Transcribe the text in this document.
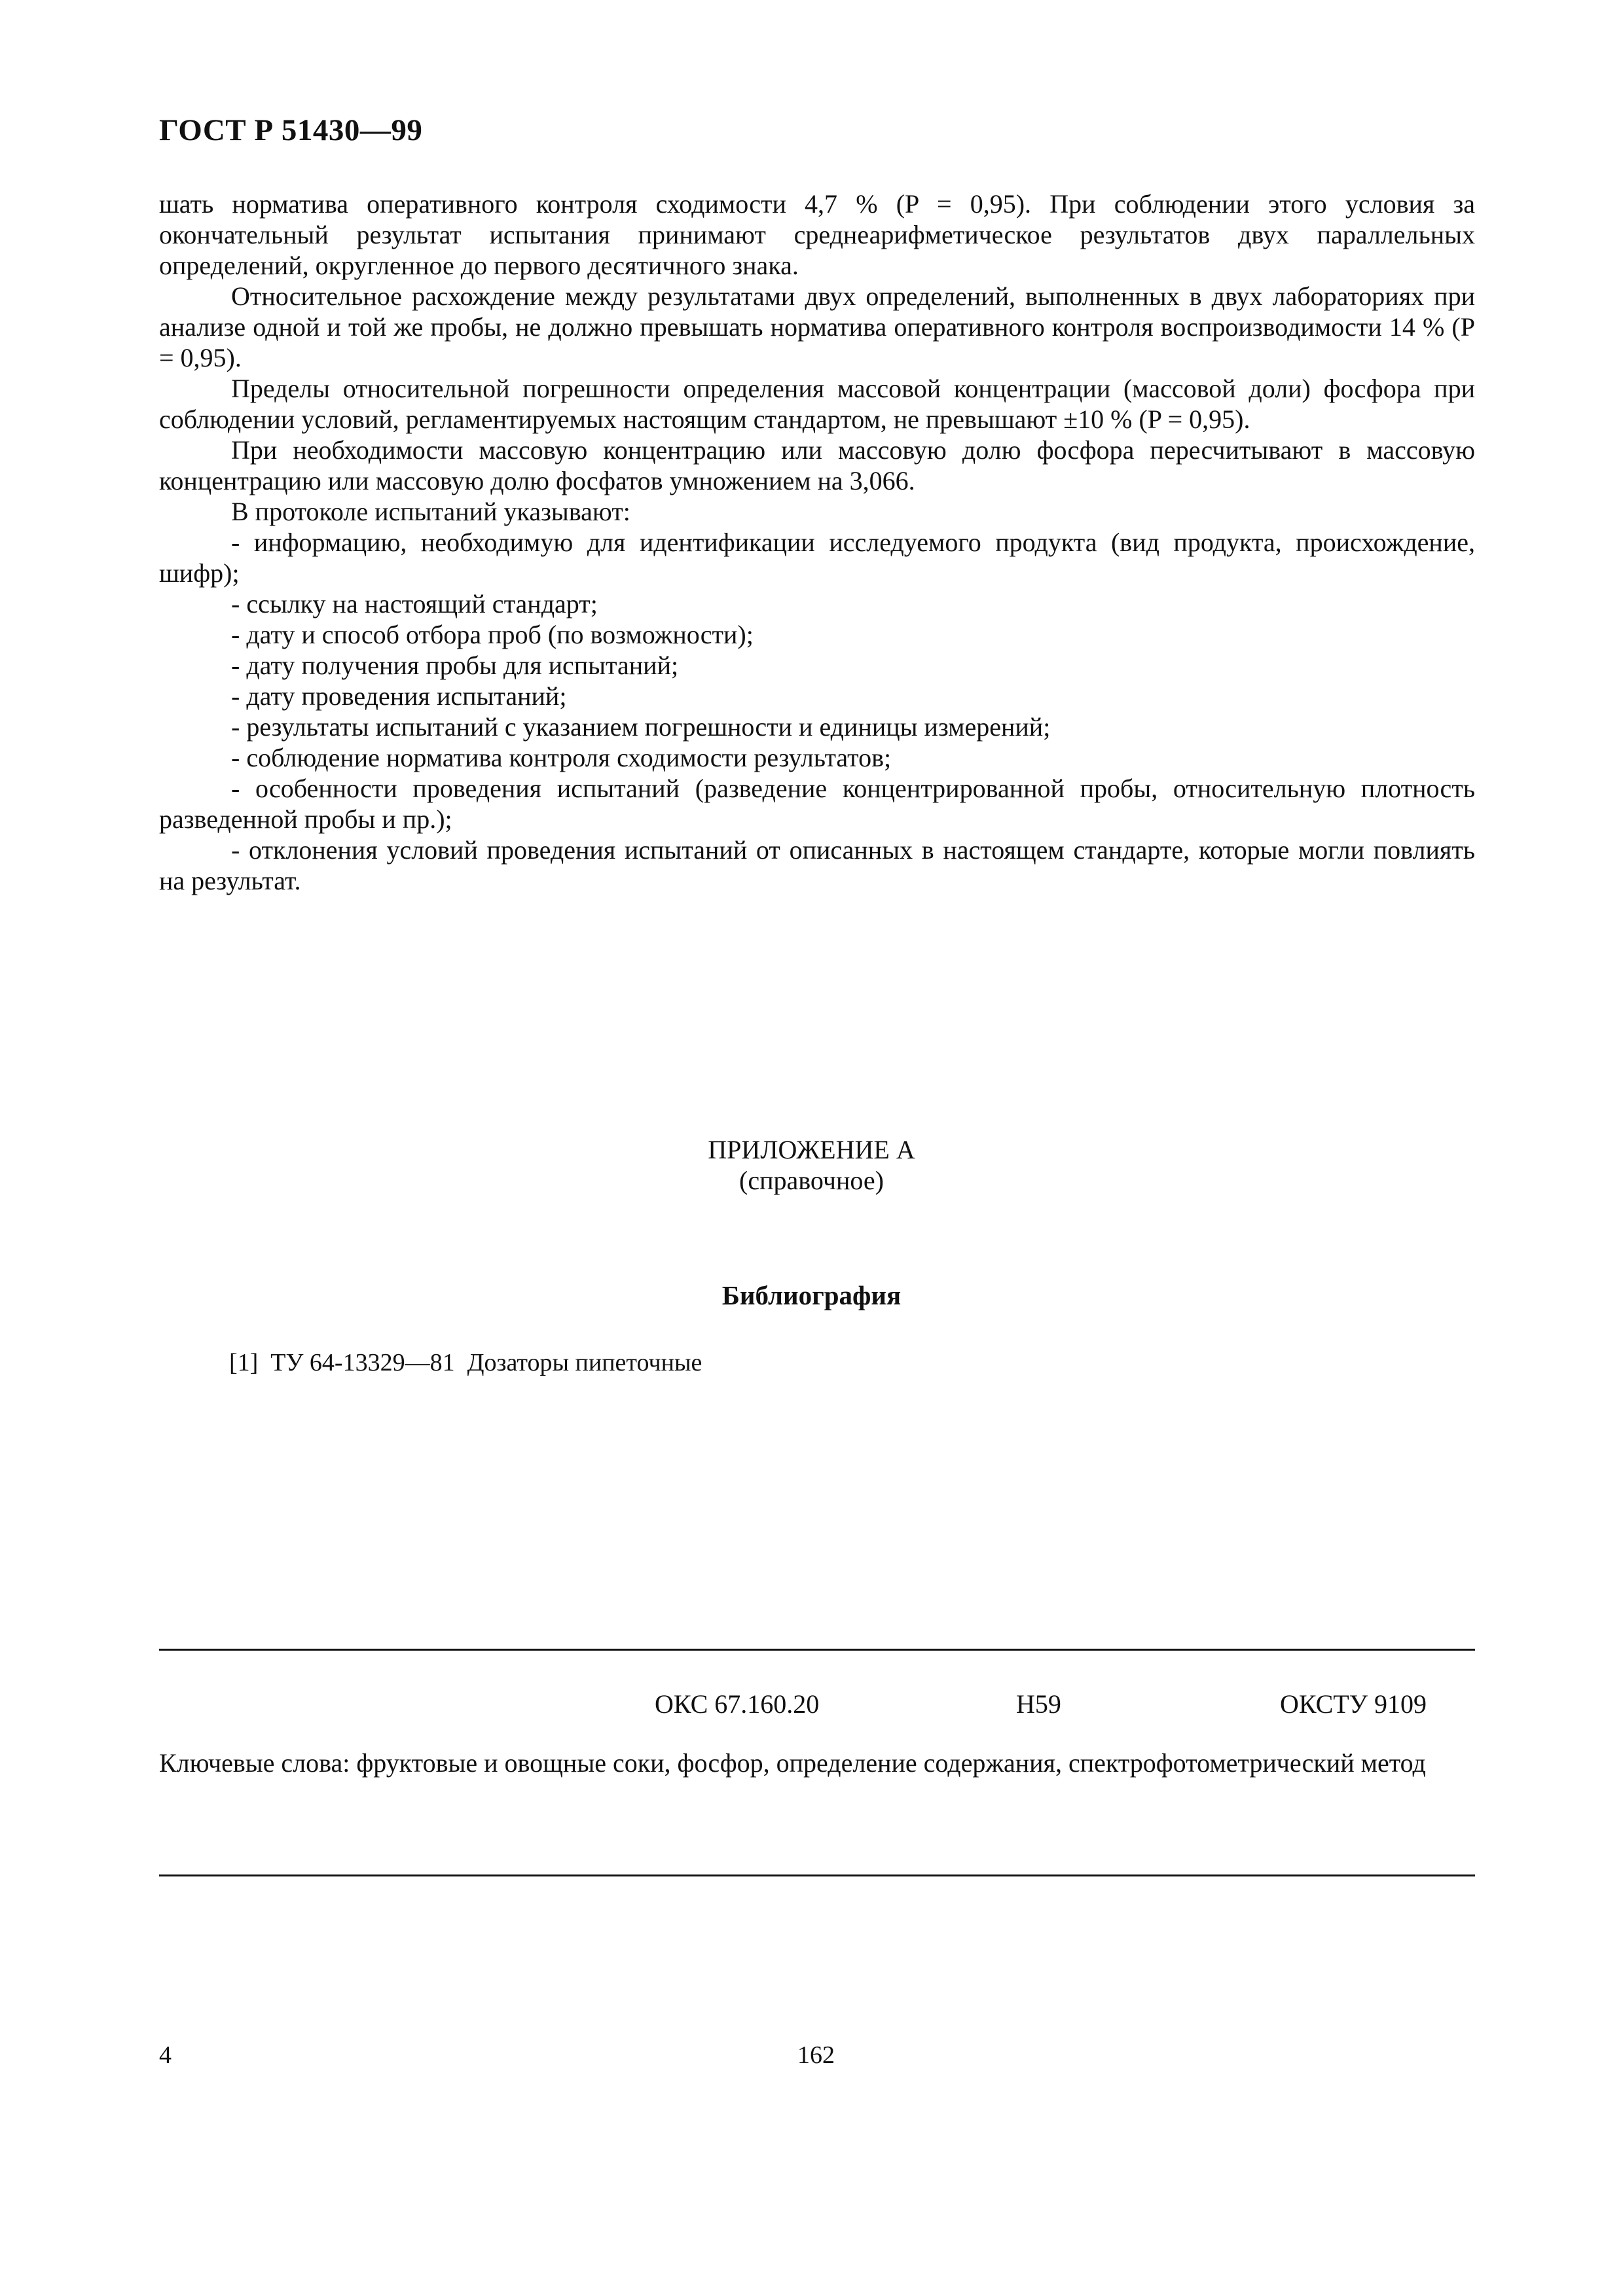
ГОСТ Р 51430—99

шать норматива оперативного контроля сходимости 4,7 % (P = 0,95). При соблюдении этого условия за окончательный результат испытания принимают среднеарифметическое результатов двух параллельных определений, округленное до первого десятичного знака.

Относительное расхождение между результатами двух определений, выполненных в двух лабораториях при анализе одной и той же пробы, не должно превышать норматива оперативного контроля воспроизводимости 14 % (P = 0,95).

Пределы относительной погрешности определения массовой концентрации (массовой доли) фосфора при соблюдении условий, регламентируемых настоящим стандартом, не превышают ±10 % (P = 0,95).

При необходимости массовую концентрацию или массовую долю фосфора пересчитывают в массовую концентрацию или массовую долю фосфатов умножением на 3,066.

В протоколе испытаний указывают:

- информацию, необходимую для идентификации исследуемого продукта (вид продукта, происхождение, шифр);

- ссылку на настоящий стандарт;

- дату и способ отбора проб (по возможности);

- дату получения пробы для испытаний;

- дату проведения испытаний;

- результаты испытаний с указанием погрешности и единицы измерений;

- соблюдение норматива контроля сходимости результатов;

- особенности проведения испытаний (разведение концентрированной пробы, относительную плотность разведенной пробы и пр.);

- отклонения условий проведения испытаний от описанных в настоящем стандарте, которые могли повлиять на результат.

ПРИЛОЖЕНИЕ А
(справочное)
Библиография
[1]  ТУ 64-13329—81  Дозаторы пипеточные
ОКС 67.160.20	Н59	ОКСТУ 9109
Ключевые слова: фруктовые и овощные соки, фосфор, определение содержания, спектрофотометрический метод
4	162
